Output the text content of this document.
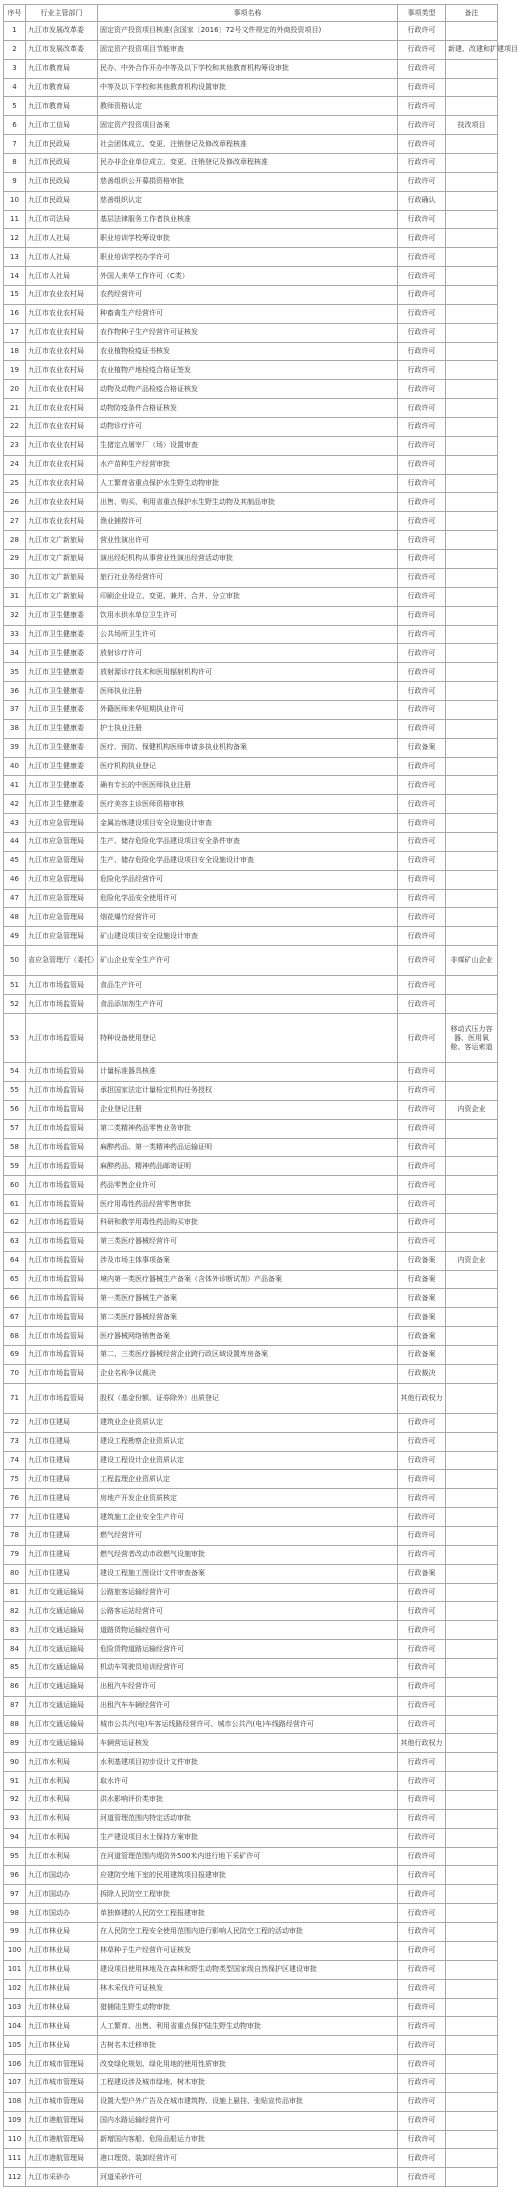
序号	行业主管部门	事项名称	事项类型	备注
1	九江市发展改革委	固定资产投资项目核准(含国家〔2016〕72号文件规定的外商投资项目)	行政许可	
2	九江市发展改革委	固定资产投资项目节能审查	行政许可	新建、改建和扩建项目
3	九江市教育局	民办、中外合作开办中等及以下学校和其他教育机构筹设审批	行政许可	
4	九江市教育局	中等及以下学校和其他教育机构设置审批	行政许可	
5	九江市教育局	教师资格认定	行政许可	
6	九江市工信局	固定资产投资项目备案	行政许可	技改项目
7	九江市民政局	社会团体成立、变更、注销登记及修改章程核准	行政许可	
8	九江市民政局	民办非企业单位成立、变更、注销登记及修改章程核准	行政许可	
9	九江市民政局	慈善组织公开募捐资格审批	行政许可	
10	九江市民政局	慈善组织认定	行政确认	
11	九江市司法局	基层法律服务工作者执业核准	行政许可	
12	九江市人社局	职业培训学校筹设审批	行政许可	
13	九江市人社局	职业培训学校办学许可	行政许可	
14	九江市人社局	外国人来华工作许可（C类）	行政许可	
15	九江市农业农村局	农药经营许可	行政许可	
16	九江市农业农村局	种畜禽生产经营许可	行政许可	
17	九江市农业农村局	农作物种子生产经营许可证核发	行政许可	
18	九江市农业农村局	农业植物检疫证书核发	行政许可	
19	九江市农业农村局	农业植物产地检疫合格证签发	行政许可	
20	九江市农业农村局	动物及动物产品检疫合格证核发	行政许可	
21	九江市农业农村局	动物防疫条件合格证核发	行政许可	
22	九江市农业农村局	动物诊疗许可	行政许可	
23	九江市农业农村局	生猪定点屠宰厂（场）设置审查	行政许可	
24	九江市农业农村局	水产苗种生产经营审批	行政许可	
25	九江市农业农村局	人工繁育省重点保护水生野生动物审批	行政许可	
26	九江市农业农村局	出售、购买、利用省重点保护水生野生动物及其制品审批	行政许可	
27	九江市农业农村局	渔业捕捞许可	行政许可	
28	九江市文广新旅局	营业性演出许可	行政许可	
29	九江市文广新旅局	演出经纪机构从事营业性演出经营活动审批	行政许可	
30	九江市文广新旅局	旅行社业务经营许可	行政许可	
31	九江市文广新旅局	印刷企业设立、变更、兼并、合并、分立审批	行政许可	
32	九江市卫生健康委	饮用水供水单位卫生许可	行政许可	
33	九江市卫生健康委	公共场所卫生许可	行政许可	
34	九江市卫生健康委	放射诊疗许可	行政许可	
35	九江市卫生健康委	放射源诊疗技术和医用辐射机构许可	行政许可	
36	九江市卫生健康委	医师执业注册	行政许可	
37	九江市卫生健康委	外籍医师来华短期执业许可	行政许可	
38	九江市卫生健康委	护士执业注册	行政许可	
39	九江市卫生健康委	医疗、预防、保健机构医师申请多执业机构备案	行政备案	
40	九江市卫生健康委	医疗机构执业登记	行政许可	
41	九江市卫生健康委	确有专长的中医医师执业注册	行政许可	
42	九江市卫生健康委	医疗美容主诊医师资格审核	行政许可	
43	九江市应急管理局	金属冶炼建设项目安全设施设计审查	行政许可	
44	九江市应急管理局	生产、储存危险化学品建设项目安全条件审查	行政许可	
45	九江市应急管理局	生产、储存危险化学品建设项目安全设施设计审查	行政许可	
46	九江市应急管理局	危险化学品经营许可	行政许可	
47	九江市应急管理局	危险化学品安全使用许可	行政许可	
48	九江市应急管理局	烟花爆竹经营许可	行政许可	
49	九江市应急管理局	矿山建设项目安全设施设计审查	行政许可	
50	省应急管理厅（委托）	矿山企业安全生产许可	行政许可	非煤矿山企业
51	九江市市场监管局	食品生产许可	行政许可	
52	九江市市场监管局	食品添加剂生产许可	行政许可	
53	九江市市场监管局	特种设备使用登记	行政许可	移动式压力容器、医用氧舱、客运索道
54	九江市市场监管局	计量标准器具核准	行政许可	
55	九江市市场监管局	承担国家法定计量检定机构任务授权	行政许可	
56	九江市市场监管局	企业登记注册	行政许可	内资企业
57	九江市市场监管局	第二类精神药品零售业务审批	行政许可	
58	九江市市场监管局	麻醉药品、第一类精神药品运输证明	行政许可	
59	九江市市场监管局	麻醉药品、精神药品邮寄证明	行政许可	
60	九江市市场监管局	药品零售企业许可	行政许可	
61	九江市市场监管局	医疗用毒性药品经营零售审批	行政许可	
62	九江市市场监管局	科研和教学用毒性药品购买审批	行政许可	
63	九江市市场监管局	第三类医疗器械经营许可	行政许可	
64	九江市市场监管局	涉及市场主体事项备案	行政备案	内资企业
65	九江市市场监管局	境内第一类医疗器械生产备案（含体外诊断试剂）产品备案	行政备案	
66	九江市市场监管局	第一类医疗器械生产备案	行政备案	
67	九江市市场监管局	第二类医疗器械经营备案	行政备案	
68	九江市市场监管局	医疗器械网络销售备案	行政备案	
69	九江市市场监管局	第二、三类医疗器械经营企业跨行政区域设置库房备案	行政备案	
70	九江市市场监管局	企业名称争议裁决	行政裁决	
71	九江市市场监管局	股权（基金份额、证券除外）出质登记	其他行政权力	
72	九江市住建局	建筑业企业资质认定	行政许可	
73	九江市住建局	建设工程勘察企业资质认定	行政许可	
74	九江市住建局	建设工程设计企业资质认定	行政许可	
75	九江市住建局	工程监理企业资质认定	行政许可	
76	九江市住建局	房地产开发企业资质核定	行政许可	
77	九江市住建局	建筑施工企业安全生产许可	行政许可	
78	九江市住建局	燃气经营许可	行政许可	
79	九江市住建局	燃气经营者改动市政燃气设施审批	行政许可	
80	九江市住建局	建设工程施工图设计文件审查备案	行政备案	
81	九江市交通运输局	公路旅客运输经营许可	行政许可	
82	九江市交通运输局	公路客运站经营许可	行政许可	
83	九江市交通运输局	道路货物运输经营许可	行政许可	
84	九江市交通运输局	危险货物道路运输经营许可	行政许可	
85	九江市交通运输局	机动车驾驶员培训经营许可	行政许可	
86	九江市交通运输局	出租汽车经营许可	行政许可	
87	九江市交通运输局	出租汽车车辆经营许可	行政许可	
88	九江市交通运输局	城市公共汽(电)车客运线路经营许可、城市公共汽(电)车线路经营许可	行政许可	
89	九江市交通运输局	车辆营运证核发	其他行政权力	
90	九江市水利局	水利基建项目初步设计文件审批	行政许可	
91	九江市水利局	取水许可	行政许可	
92	九江市水利局	洪水影响评价类审批	行政许可	
93	九江市水利局	河道管理范围内特定活动审批	行政许可	
94	九江市水利局	生产建设项目水土保持方案审批	行政许可	
95	九江市水利局	在河道管理范围内堤防外500米内进行地下采矿许可	行政许可	
96	九江市国动办	应建防空地下室的民用建筑项目报建审批	行政许可	
97	九江市国动办	拆除人民防空工程审批	行政许可	
98	九江市国动办	单独修建的人民防空工程报建审批	行政许可	
99	九江市林业局	在人民防空工程安全使用范围内进行影响人民防空工程的活动审批	行政许可	
100	九江市林业局	林草种子生产经营许可证核发	行政许可	
101	九江市林业局	建设项目使用林地及在森林和野生动物类型国家级自然保护区建设审批	行政许可	
102	九江市林业局	林木采伐许可证核发	行政许可	
103	九江市林业局	猎捕陆生野生动物审批	行政许可	
104	九江市林业局	人工繁育、出售、利用省重点保护陆生野生动物审批	行政许可	
105	九江市林业局	古树名木迁移审批	行政许可	
106	九江市城市管理局	改变绿化规划、绿化用地的使用性质审批	行政许可	
107	九江市城市管理局	工程建设涉及城市绿地、树木审批	行政许可	
108	九江市城市管理局	设置大型户外广告及在城市建筑物、设施上悬挂、张贴宣传品审批	行政许可	
109	九江市港航管理局	国内水路运输经营许可	行政许可	
110	九江市港航管理局	新增国内客船、危险品船运力审批	行政许可	
111	九江市港航管理局	港口理货、装卸经营许可	行政许可	
112	九江市采砂办	河道采砂许可	行政许可	
